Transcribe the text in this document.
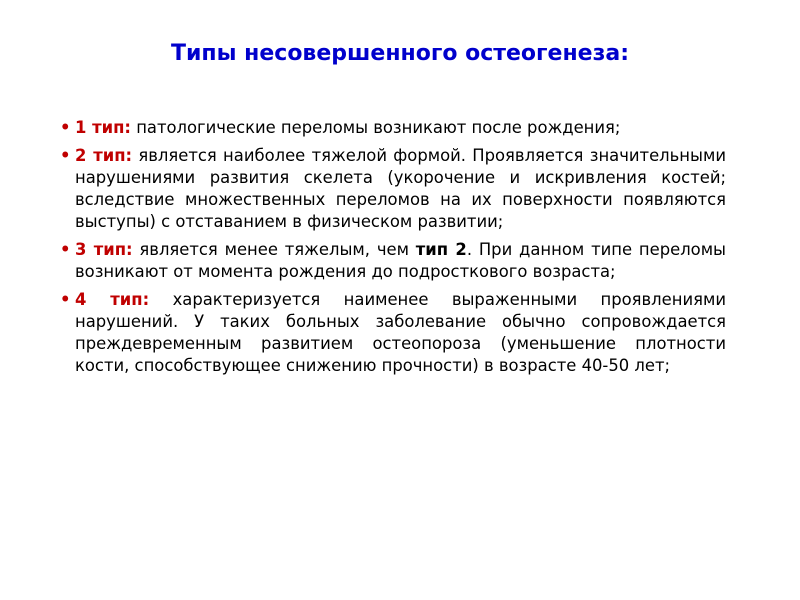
Типы несовершенного остеогенеза:
• 1 тип: патологические переломы возникают после рождения;
• 2 тип: является наиболее тяжелой формой. Проявляется значительными нарушениями развития скелета (укорочение и искривления костей; вследствие множественных переломов на их поверхности появляются выступы) с отставанием в физическом развитии;
• 3 тип: является менее тяжелым, чем тип 2. При данном типе переломы возникают от момента рождения до подросткового возраста;
• 4 тип: характеризуется наименее выраженными проявлениями нарушений. У таких больных заболевание обычно сопровождается преждевременным развитием остеопороза (уменьшение плотности кости, способствующее снижению прочности) в возрасте 40-50 лет;
